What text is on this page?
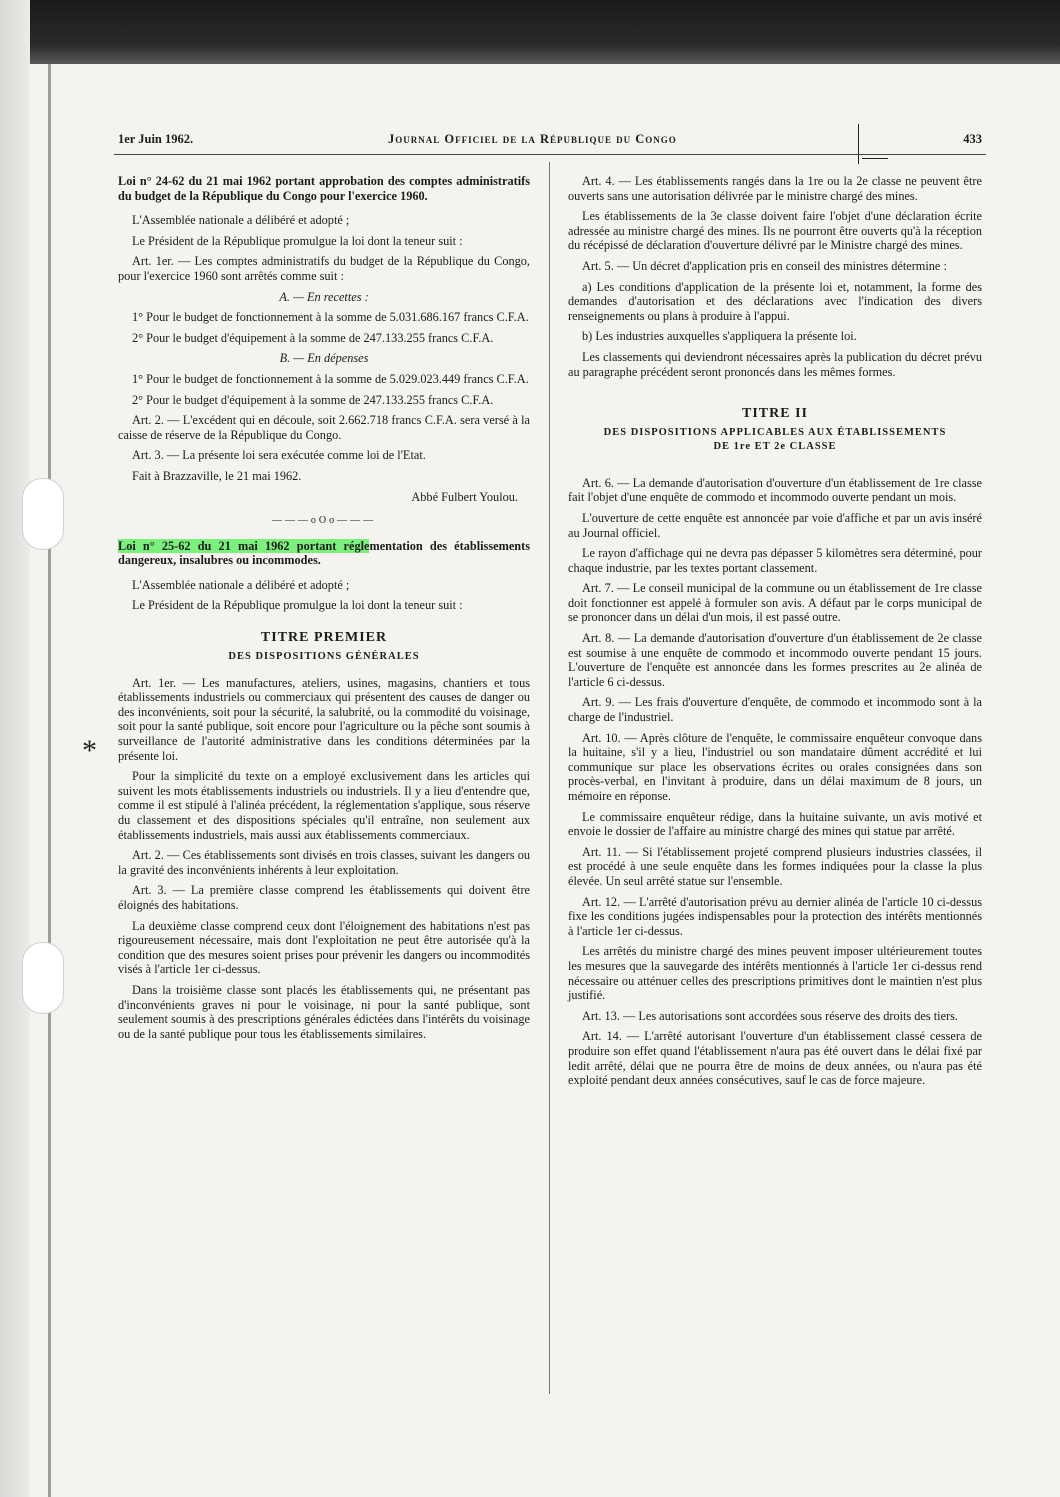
1er Juin 1962.	Journal Officiel de la République du Congo	433
*

Loi n° 24-62 du 21 mai 1962 portant approbation des comptes administratifs du budget de la République du Congo pour l'exercice 1960.

L'Assemblée nationale a délibéré et adopté ;

Le Président de la République promulgue la loi dont la teneur suit :

Art. 1er. — Les comptes administratifs du budget de la République du Congo, pour l'exercice 1960 sont arrêtés comme suit :

A. — En recettes :

1° Pour le budget de fonctionnement à la somme de 5.031.686.167 francs C.F.A.

2° Pour le budget d'équipement à la somme de 247.133.255 francs C.F.A.

B. — En dépenses

1° Pour le budget de fonctionnement à la somme de 5.029.023.449 francs C.F.A.

2° Pour le budget d'équipement à la somme de 247.133.255 francs C.F.A.

Art. 2. — L'excédent qui en découle, soit 2.662.718 francs C.F.A. sera versé à la caisse de réserve de la République du Congo.

Art. 3. — La présente loi sera exécutée comme loi de l'Etat.

Fait à Brazzaville, le 21 mai 1962.

Abbé Fulbert Youlou.

———oOo———

Loi n° 25-62 du 21 mai 1962 portant réglementation des établissements dangereux, insalubres ou incommodes.

L'Assemblée nationale a délibéré et adopté ;

Le Président de la République promulgue la loi dont la teneur suit :

TITRE PREMIER
DES DISPOSITIONS GÉNÉRALES

Art. 1er. — Les manufactures, ateliers, usines, magasins, chantiers et tous établissements industriels ou commerciaux qui présentent des causes de danger ou des inconvénients, soit pour la sécurité, la salubrité, ou la commodité du voisinage, soit pour la santé publique, soit encore pour l'agriculture ou la pêche sont soumis à surveillance de l'autorité administrative dans les conditions déterminées par la présente loi.

Pour la simplicité du texte on a employé exclusivement dans les articles qui suivent les mots établissements industriels ou industriels. Il y a lieu d'entendre que, comme il est stipulé à l'alinéa précédent, la réglementation s'applique, sous réserve du classement et des dispositions spéciales qu'il entraîne, non seulement aux établissements industriels, mais aussi aux établissements commerciaux.

Art. 2. — Ces établissements sont divisés en trois classes, suivant les dangers ou la gravité des inconvénients inhérents à leur exploitation.

Art. 3. — La première classe comprend les établissements qui doivent être éloignés des habitations.

La deuxième classe comprend ceux dont l'éloignement des habitations n'est pas rigoureusement nécessaire, mais dont l'exploitation ne peut être autorisée qu'à la condition que des mesures soient prises pour prévenir les dangers ou incommodités visés à l'article 1er ci-dessus.

Dans la troisième classe sont placés les établissements qui, ne présentant pas d'inconvénients graves ni pour le voisinage, ni pour la santé publique, sont seulement soumis à des prescriptions générales édictées dans l'intérêts du voisinage ou de la santé publique pour tous les établissements similaires.

Art. 4. — Les établissements rangés dans la 1re ou la 2e classe ne peuvent être ouverts sans une autorisation délivrée par le ministre chargé des mines.

Les établissements de la 3e classe doivent faire l'objet d'une déclaration écrite adressée au ministre chargé des mines. Ils ne pourront être ouverts qu'à la réception du récépissé de déclaration d'ouverture délivré par le Ministre chargé des mines.

Art. 5. — Un décret d'application pris en conseil des ministres détermine :

a) Les conditions d'application de la présente loi et, notamment, la forme des demandes d'autorisation et des déclarations avec l'indication des divers renseignements ou plans à produire à l'appui.

b) Les industries auxquelles s'appliquera la présente loi.

Les classements qui deviendront nécessaires après la publication du décret prévu au paragraphe précédent seront prononcés dans les mêmes formes.

TITRE II
DES DISPOSITIONS APPLICABLES AUX ÉTABLISSEMENTS
DE 1re ET 2e CLASSE

Art. 6. — La demande d'autorisation d'ouverture d'un établissement de 1re classe fait l'objet d'une enquête de commodo et incommodo ouverte pendant un mois.

L'ouverture de cette enquête est annoncée par voie d'affiche et par un avis inséré au Journal officiel.

Le rayon d'affichage qui ne devra pas dépasser 5 kilomètres sera déterminé, pour chaque industrie, par les textes portant classement.

Art. 7. — Le conseil municipal de la commune ou un établissement de 1re classe doit fonctionner est appelé à formuler son avis. A défaut par le corps municipal de se prononcer dans un délai d'un mois, il est passé outre.

Art. 8. — La demande d'autorisation d'ouverture d'un établissement de 2e classe est soumise à une enquête de commodo et incommodo ouverte pendant 15 jours. L'ouverture de l'enquête est annoncée dans les formes prescrites au 2e alinéa de l'article 6 ci-dessus.

Art. 9. — Les frais d'ouverture d'enquête, de commodo et incommodo sont à la charge de l'industriel.

Art. 10. — Après clôture de l'enquête, le commissaire enquêteur convoque dans la huitaine, s'il y a lieu, l'industriel ou son mandataire dûment accrédité et lui communique sur place les observations écrites ou orales consignées dans son procès-verbal, en l'invitant à produire, dans un délai maximum de 8 jours, un mémoire en réponse.

Le commissaire enquêteur rédige, dans la huitaine suivante, un avis motivé et envoie le dossier de l'affaire au ministre chargé des mines qui statue par arrêté.

Art. 11. — Si l'établissement projeté comprend plusieurs industries classées, il est procédé à une seule enquête dans les formes indiquées pour la classe la plus élevée. Un seul arrêté statue sur l'ensemble.

Art. 12. — L'arrêté d'autorisation prévu au dernier alinéa de l'article 10 ci-dessus fixe les conditions jugées indispensables pour la protection des intérêts mentionnés à l'article 1er ci-dessus.

Les arrêtés du ministre chargé des mines peuvent imposer ultérieurement toutes les mesures que la sauvegarde des intérêts mentionnés à l'article 1er ci-dessus rend nécessaire ou atténuer celles des prescriptions primitives dont le maintien n'est plus justifié.

Art. 13. — Les autorisations sont accordées sous réserve des droits des tiers.

Art. 14. — L'arrêté autorisant l'ouverture d'un établissement classé cessera de produire son effet quand l'établissement n'aura pas été ouvert dans le délai fixé par ledit arrêté, délai que ne pourra être de moins de deux années, ou n'aura pas été exploité pendant deux années consécutives, sauf le cas de force majeure.
